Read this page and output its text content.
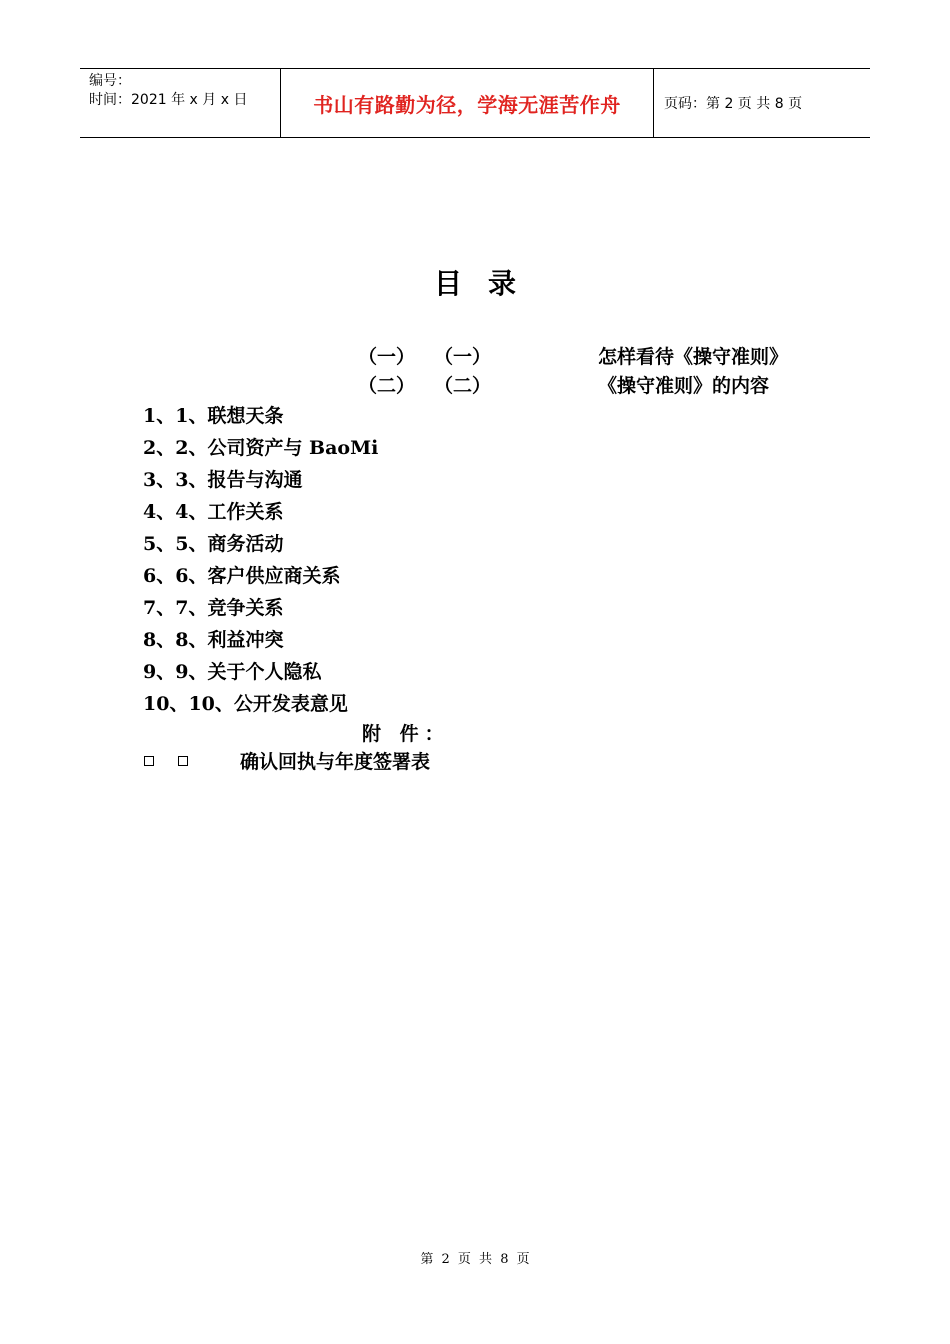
编号：
时间：2021 年 x 月 x 日	书山有路勤为径，学海无涯苦作舟	页码：第 2 页 共 8 页
目录
（一） （一）	怎样看待《操守准则》
（二） （二）	《操守准则》的内容
1、1、联想天条
2、2、公司资产与 BaoMi
3、3、报告与沟通
4、4、工作关系
5、5、商务活动
6、6、客户供应商关系
7、7、竞争关系
8、8、利益冲突
9、9、关于个人隐私
10、10、公开发表意见
附 件：
确认回执与年度签署表
第 2 页 共 8 页
